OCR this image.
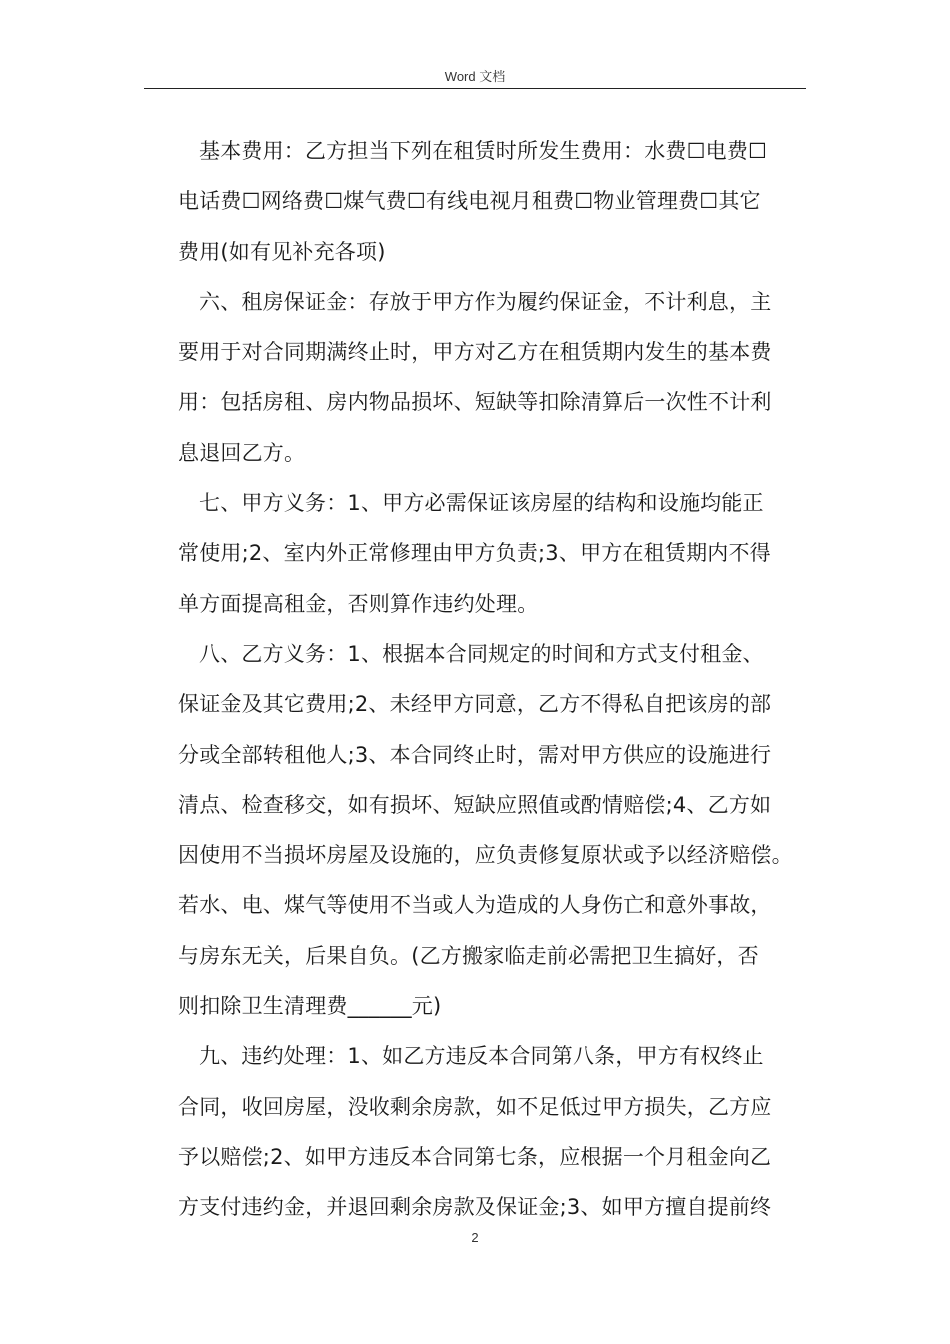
Word 文档
基本费用：乙方担当下列在租赁时所发生费用：水费☐电费☐
电话费☐网络费☐煤气费☐有线电视月租费☐物业管理费☐其它
费用(如有见补充各项)
六、租房保证金：存放于甲方作为履约保证金，不计利息，主
要用于对合同期满终止时，甲方对乙方在租赁期内发生的基本费
用：包括房租、房内物品损坏、短缺等扣除清算后一次性不计利
息退回乙方。
七、甲方义务：1、甲方必需保证该房屋的结构和设施均能正
常使用;2、室内外正常修理由甲方负责;3、甲方在租赁期内不得
单方面提高租金，否则算作违约处理。
八、乙方义务：1、根据本合同规定的时间和方式支付租金、
保证金及其它费用;2、未经甲方同意，乙方不得私自把该房的部
分或全部转租他人;3、本合同终止时，需对甲方供应的设施进行
清点、检查移交，如有损坏、短缺应照值或酌情赔偿;4、乙方如
因使用不当损坏房屋及设施的，应负责修复原状或予以经济赔偿。
若水、电、煤气等使用不当或人为造成的人身伤亡和意外事故，
与房东无关，后果自负。(乙方搬家临走前必需把卫生搞好，否
则扣除卫生清理费______元)
九、违约处理：1、如乙方违反本合同第八条，甲方有权终止
合同，收回房屋，没收剩余房款，如不足低过甲方损失，乙方应
予以赔偿;2、如甲方违反本合同第七条，应根据一个月租金向乙
方支付违约金，并退回剩余房款及保证金;3、如甲方擅自提前终
2
